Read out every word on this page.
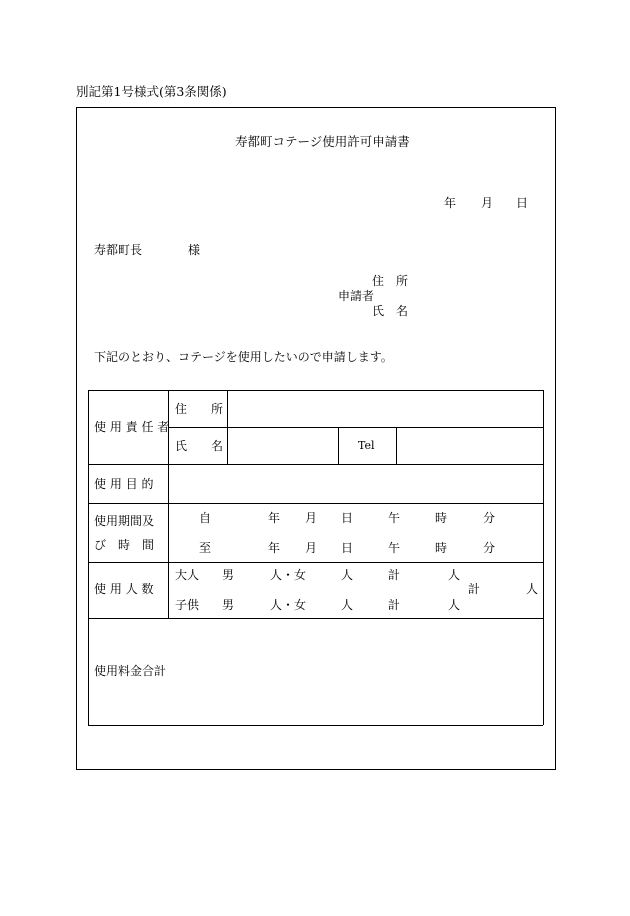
別記第1号様式(第3条関係)
寿都町コテージ使用許可申請書
年 月 日
寿都町長	様
住　所
申請者
氏　名
下記のとおり、コテージを使用したいので申請します。
使 用 責 任 者
住　　所
氏　　名	Tel
使 用 目 的
使用期間及
び　時　間
自	年 月 日	午	時	分
至	年 月 日	午	時	分
使 用 人 数
大人 男	人・女	人	計	人
計	人
子供 男	人・女	人	計	人
使用料金合計
